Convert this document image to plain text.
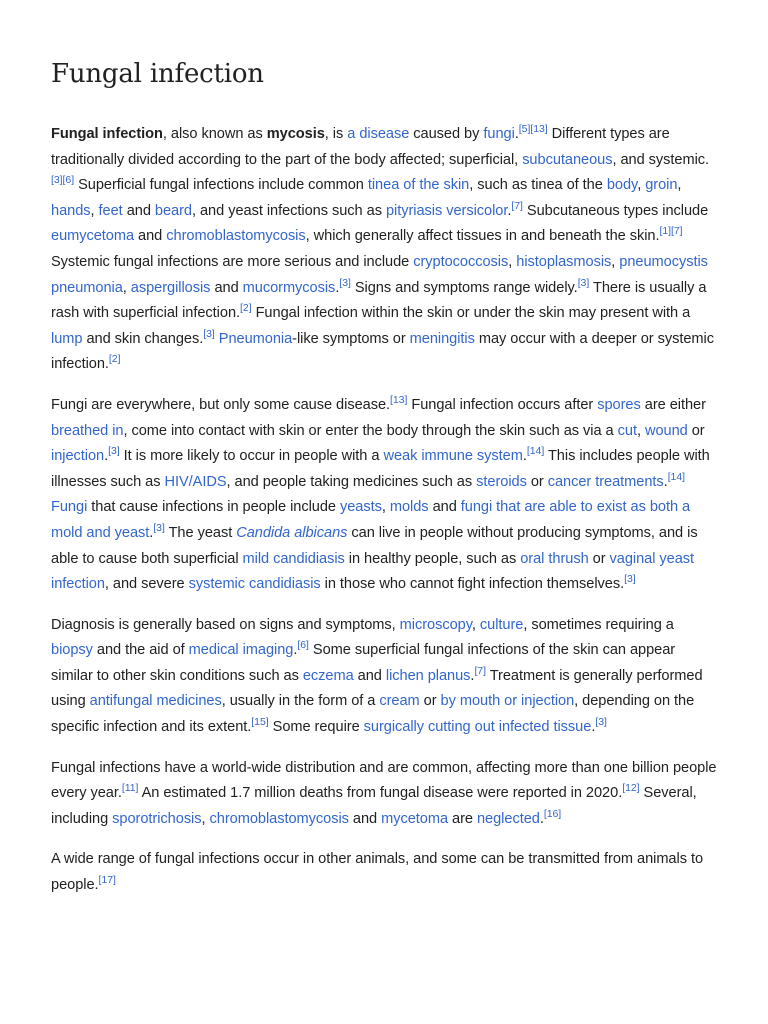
Fungal infection

Fungal infection, also known as mycosis, is a disease caused by fungi.[5][13] Different types are traditionally divided according to the part of the body affected; superficial, subcutaneous, and systemic.[3][6] Superficial fungal infections include common tinea of the skin, such as tinea of the body, groin, hands, feet and beard, and yeast infections such as pityriasis versicolor.[7] Subcutaneous types include eumycetoma and chromoblastomycosis, which generally affect tissues in and beneath the skin.[1][7] Systemic fungal infections are more serious and include cryptococcosis, histoplasmosis, pneumocystis pneumonia, aspergillosis and mucormycosis.[3] Signs and symptoms range widely.[3] There is usually a rash with superficial infection.[2] Fungal infection within the skin or under the skin may present with a lump and skin changes.[3] Pneumonia-like symptoms or meningitis may occur with a deeper or systemic infection.[2]

Fungi are everywhere, but only some cause disease.[13] Fungal infection occurs after spores are either breathed in, come into contact with skin or enter the body through the skin such as via a cut, wound or injection.[3] It is more likely to occur in people with a weak immune system.[14] This includes people with illnesses such as HIV/AIDS, and people taking medicines such as steroids or cancer treatments.[14] Fungi that cause infections in people include yeasts, molds and fungi that are able to exist as both a mold and yeast.[3] The yeast Candida albicans can live in people without producing symptoms, and is able to cause both superficial mild candidiasis in healthy people, such as oral thrush or vaginal yeast infection, and severe systemic candidiasis in those who cannot fight infection themselves.[3]

Diagnosis is generally based on signs and symptoms, microscopy, culture, sometimes requiring a biopsy and the aid of medical imaging.[6] Some superficial fungal infections of the skin can appear similar to other skin conditions such as eczema and lichen planus.[7] Treatment is generally performed using antifungal medicines, usually in the form of a cream or by mouth or injection, depending on the specific infection and its extent.[15] Some require surgically cutting out infected tissue.[3]

Fungal infections have a world-wide distribution and are common, affecting more than one billion people every year.[11] An estimated 1.7 million deaths from fungal disease were reported in 2020.[12] Several, including sporotrichosis, chromoblastomycosis and mycetoma are neglected.[16]

A wide range of fungal infections occur in other animals, and some can be transmitted from animals to people.[17]
